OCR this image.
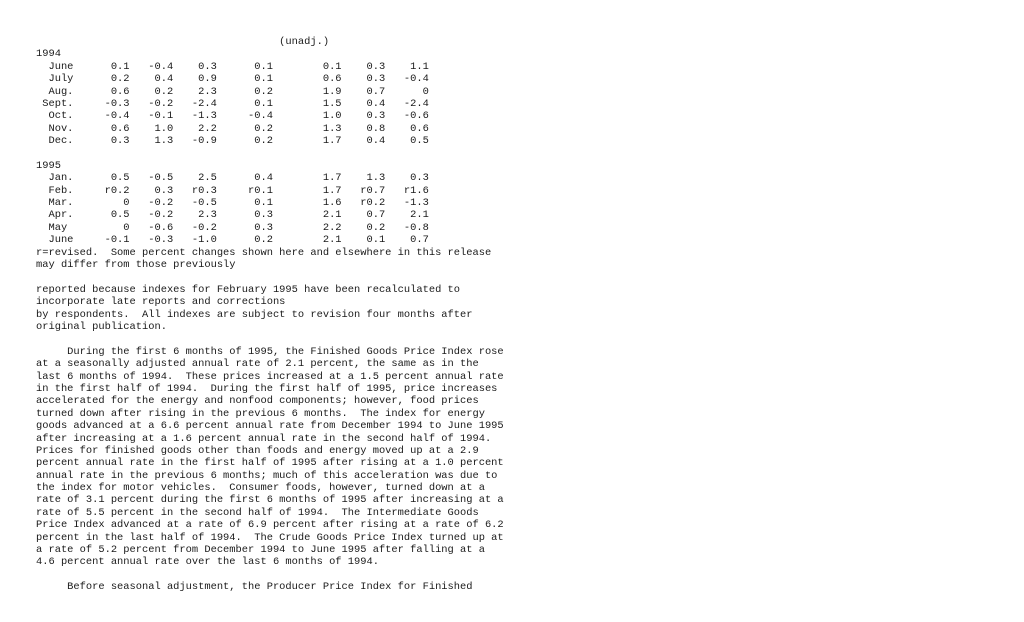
(unadj.)
1994
June      0.1   -0.4    0.3      0.1        0.1    0.3    1.1
July      0.2    0.4    0.9      0.1        0.6    0.3   -0.4
Aug.      0.6    0.2    2.3      0.2        1.9    0.7      0
Sept.     -0.3   -0.2   -2.4      0.1        1.5    0.4   -2.4
Oct.     -0.4   -0.1   -1.3     -0.4        1.0    0.3   -0.6
Nov.      0.6    1.0    2.2      0.2        1.3    0.8    0.6
Dec.      0.3    1.3   -0.9      0.2        1.7    0.4    0.5
1995
Jan.      0.5   -0.5    2.5      0.4        1.7    1.3    0.3
Feb.     r0.2    0.3   r0.3     r0.1        1.7   r0.7   r1.6
Mar.        0   -0.2   -0.5      0.1        1.6   r0.2   -1.3
Apr.      0.5   -0.2    2.3      0.3        2.1    0.7    2.1
May         0   -0.6   -0.2      0.3        2.2    0.2   -0.8
June     -0.1   -0.3   -1.0      0.2        2.1    0.1    0.7
r=revised.  Some percent changes shown here and elsewhere in this release
may differ from those previously
reported because indexes for February 1995 have been recalculated to
incorporate late reports and corrections
by respondents.  All indexes are subject to revision four months after
original publication.
During the first 6 months of 1995, the Finished Goods Price Index rose
at a seasonally adjusted annual rate of 2.1 percent, the same as in the
last 6 months of 1994.  These prices increased at a 1.5 percent annual rate
in the first half of 1994.  During the first half of 1995, price increases
accelerated for the energy and nonfood components; however, food prices
turned down after rising in the previous 6 months.  The index for energy
goods advanced at a 6.6 percent annual rate from December 1994 to June 1995
after increasing at a 1.6 percent annual rate in the second half of 1994.
Prices for finished goods other than foods and energy moved up at a 2.9
percent annual rate in the first half of 1995 after rising at a 1.0 percent
annual rate in the previous 6 months; much of this acceleration was due to
the index for motor vehicles.  Consumer foods, however, turned down at a
rate of 3.1 percent during the first 6 months of 1995 after increasing at a
rate of 5.5 percent in the second half of 1994.  The Intermediate Goods
Price Index advanced at a rate of 6.9 percent after rising at a rate of 6.2
percent in the last half of 1994.  The Crude Goods Price Index turned up at
a rate of 5.2 percent from December 1994 to June 1995 after falling at a
4.6 percent annual rate over the last 6 months of 1994.
Before seasonal adjustment, the Producer Price Index for Finished
